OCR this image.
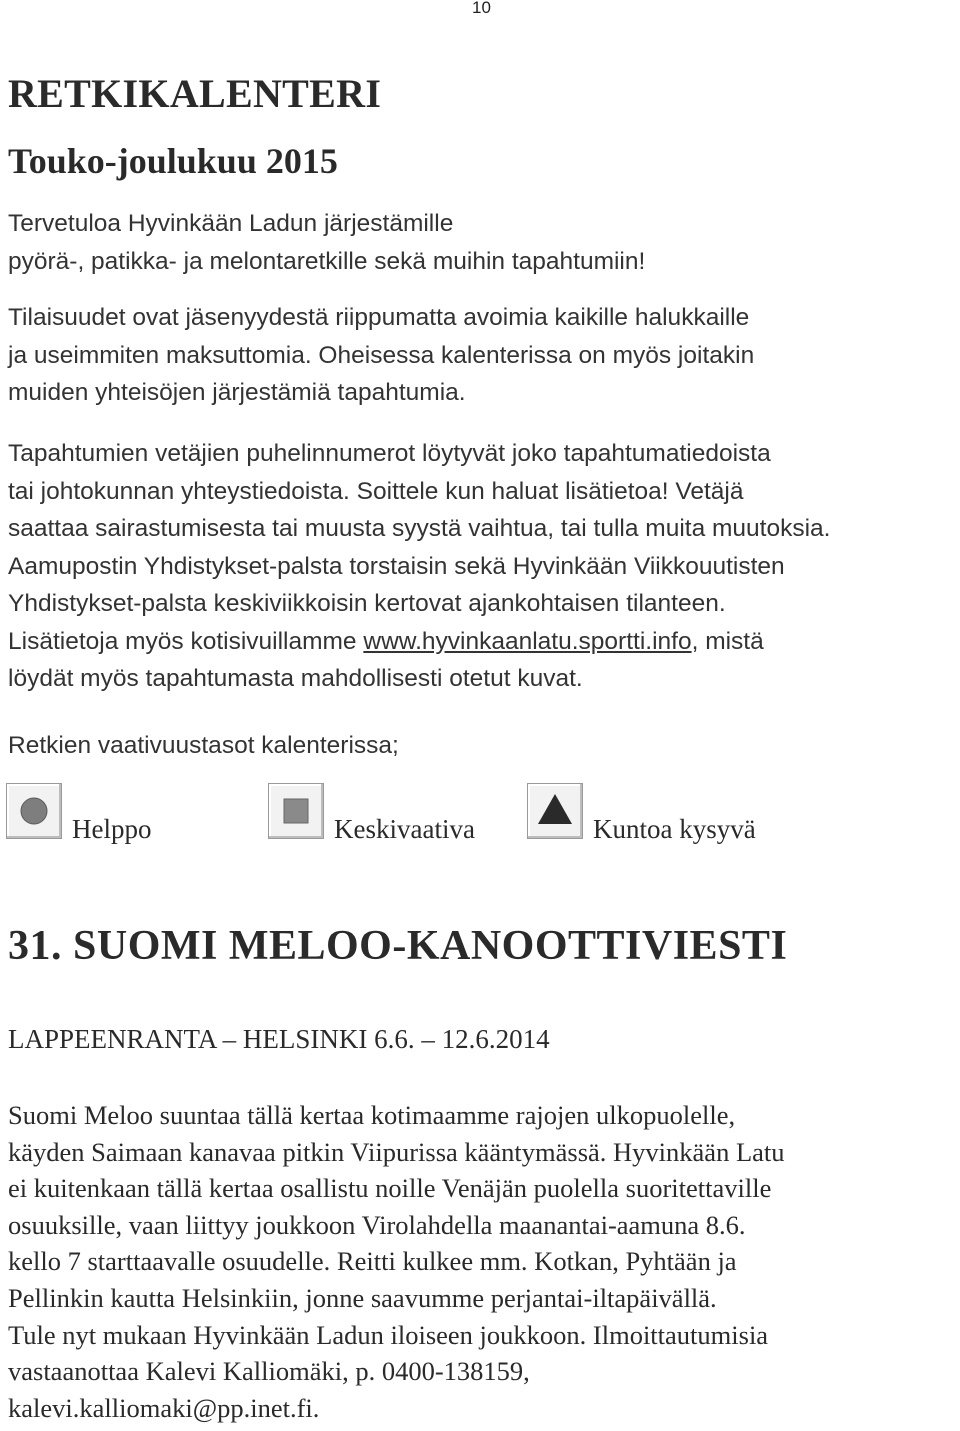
10
RETKIKALENTERI
Touko-joulukuu 2015
Tervetuloa Hyvinkään Ladun järjestämille
pyörä-, patikka- ja melontaretkille sekä muihin tapahtumiin!
Tilaisuudet ovat jäsenyydestä riippumatta avoimia kaikille halukkaille
ja useimmiten maksuttomia. Oheisessa kalenterissa on myös joitakin
muiden yhteisöjen järjestämiä tapahtumia.
Tapahtumien vetäjien puhelinnumerot löytyvät joko tapahtumatiedoista
tai johtokunnan yhteystiedoista. Soittele kun haluat lisätietoa! Vetäjä
saattaa sairastumisesta tai muusta syystä vaihtua, tai tulla muita muutoksia.
Aamupostin Yhdistykset-palsta torstaisin sekä Hyvinkään Viikkouutisten
Yhdistykset-palsta keskiviikkoisin kertovat ajankohtaisen tilanteen.
Lisätietoja myös kotisivuillamme www.hyvinkaanlatu.sportti.info, mistä
löydät myös tapahtumasta mahdollisesti otetut kuvat.
Retkien vaativuustasot kalenterissa;
Helppo	Keskivaativa	Kuntoa kysyvä
31. SUOMI MELOO-KANOOTTIVIESTI
LAPPEENRANTA – HELSINKI 6.6. – 12.6.2014
Suomi Meloo suuntaa tällä kertaa kotimaamme rajojen ulkopuolelle,
käyden Saimaan kanavaa pitkin Viipurissa kääntymässä. Hyvinkään Latu
ei kuitenkaan tällä kertaa osallistu noille Venäjän puolella suoritettaville
osuuksille, vaan liittyy joukkoon Virolahdella maanantai-aamuna 8.6.
kello 7 starttaavalle osuudelle. Reitti kulkee mm. Kotkan, Pyhtään ja
Pellinkin kautta Helsinkiin, jonne saavumme perjantai-iltapäivällä.
Tule nyt mukaan Hyvinkään Ladun iloiseen joukkoon. Ilmoittautumisia
vastaanottaa Kalevi Kalliomäki, p. 0400-138159,
kalevi.kalliomaki@pp.inet.fi.
